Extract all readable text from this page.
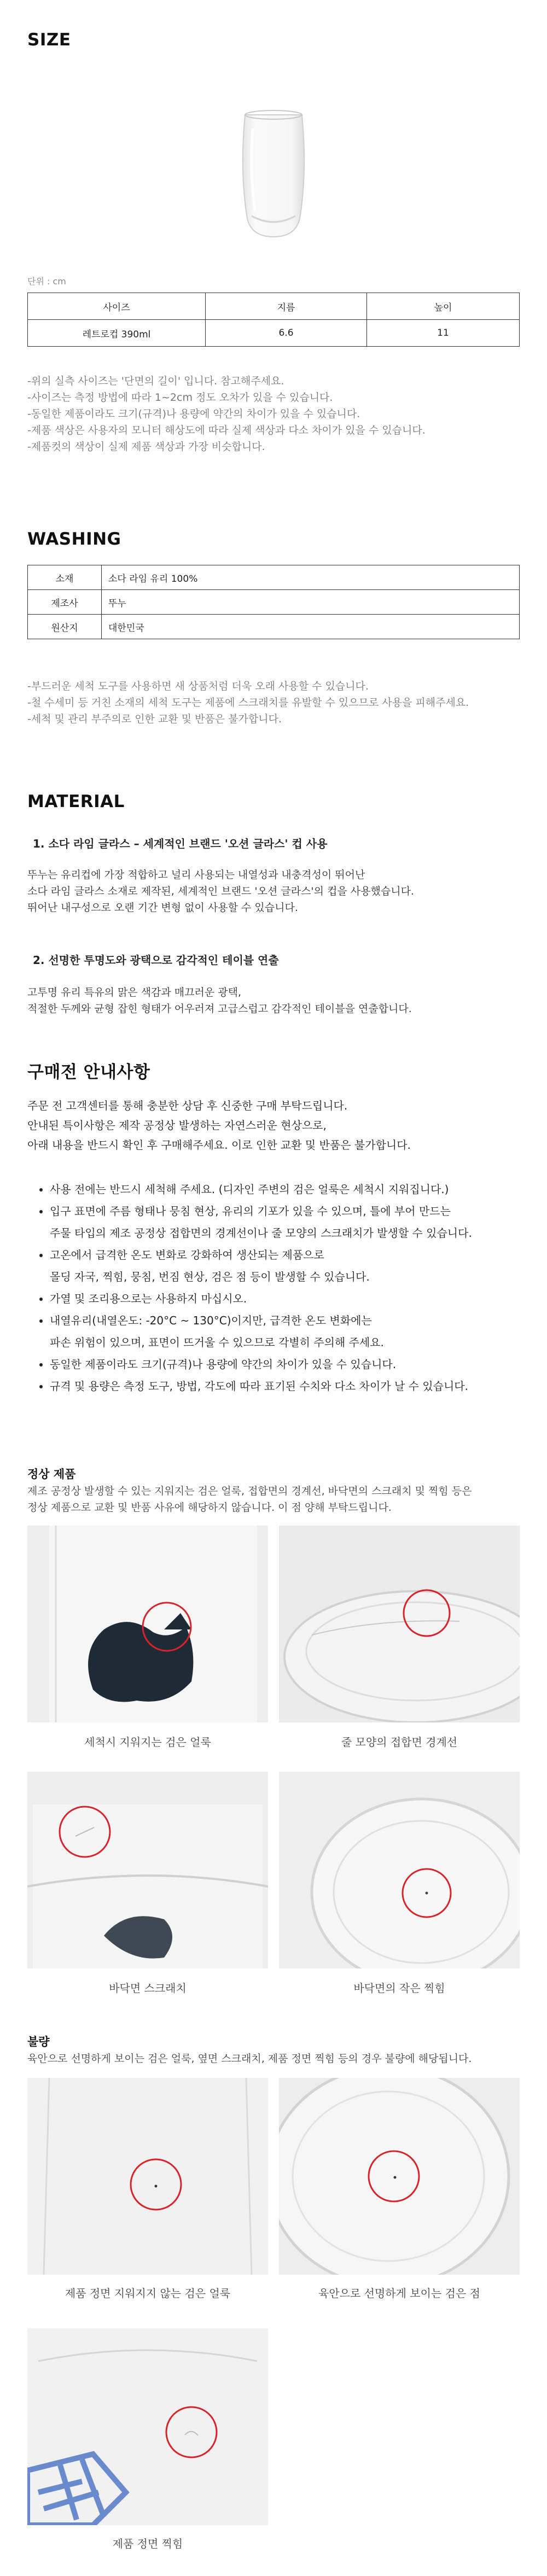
SIZE
단위 : cm
사이즈	지름	높이
레트로컵 390ml	6.6	11
-위의 실측 사이즈는 '단면의 길이' 입니다. 참고해주세요.
-사이즈는 측정 방법에 따라 1~2cm 정도 오차가 있을 수 있습니다.
-동일한 제품이라도 크기(규격)나 용량에 약간의 차이가 있을 수 있습니다.
-제품 색상은 사용자의 모니터 해상도에 따라 실제 색상과 다소 차이가 있을 수 있습니다.
-제품컷의 색상이 실제 제품 색상과 가장 비슷합니다.
WASHING
소재	소다 라임 유리 100%
제조사	뚜누
원산지	대한민국
-부드러운 세척 도구를 사용하면 새 상품처럼 더욱 오래 사용할 수 있습니다.
-철 수세미 등 거친 소재의 세척 도구는 제품에 스크래치를 유발할 수 있으므로 사용을 피해주세요.
-세척 및 관리 부주의로 인한 교환 및 반품은 불가합니다.
MATERIAL
1. 소다 라임 글라스 – 세계적인 브랜드 '오션 글라스' 컵 사용
뚜누는 유리컵에 가장 적합하고 널리 사용되는 내열성과 내충격성이 뛰어난
소다 라임 글라스 소재로 제작된, 세계적인 브랜드 '오션 글라스'의 컵을 사용했습니다.
뛰어난 내구성으로 오랜 기간 변형 없이 사용할 수 있습니다.
2. 선명한 투명도와 광택으로 감각적인 테이블 연출
고투명 유리 특유의 맑은 색감과 매끄러운 광택,
적절한 두께와 균형 잡힌 형태가 어우러져 고급스럽고 감각적인 테이블을 연출합니다.
구매전 안내사항
주문 전 고객센터를 통해 충분한 상담 후 신중한 구매 부탁드립니다.
안내된 특이사항은 제작 공정상 발생하는 자연스러운 현상으로,
아래 내용을 반드시 확인 후 구매해주세요. 이로 인한 교환 및 반품은 불가합니다.
• 사용 전에는 반드시 세척해 주세요. (디자인 주변의 검은 얼룩은 세척시 지워집니다.)
• 입구 표면에 주름 형태나 뭉침 현상, 유리의 기포가 있을 수 있으며, 틀에 부어 만드는
주물 타입의 제조 공정상 접합면의 경계선이나 줄 모양의 스크래치가 발생할 수 있습니다.
• 고온에서 급격한 온도 변화로 강화하여 생산되는 제품으로
몰딩 자국, 찍힘, 뭉침, 번짐 현상, 검은 점 등이 발생할 수 있습니다.
• 가열 및 조리용으로는 사용하지 마십시오.
• 내열유리(내열온도: -20°C ~ 130°C)이지만, 급격한 온도 변화에는
파손 위험이 있으며, 표면이 뜨거울 수 있으므로 각별히 주의해 주세요.
• 동일한 제품이라도 크기(규격)나 용량에 약간의 차이가 있을 수 있습니다.
• 규격 및 용량은 측정 도구, 방법, 각도에 따라 표기된 수치와 다소 차이가 날 수 있습니다.
정상 제품
제조 공정상 발생할 수 있는 지워지는 검은 얼룩, 접합면의 경계선, 바닥면의 스크래치 및 찍힘 등은
정상 제품으로 교환 및 반품 사유에 해당하지 않습니다. 이 점 양해 부탁드립니다.
세척시 지워지는 검은 얼룩	줄 모양의 접합면 경계선
바닥면 스크래치	바닥면의 작은 찍힘
불량
육안으로 선명하게 보이는 검은 얼룩, 옆면 스크래치, 제품 정면 찍힘 등의 경우 불량에 해당됩니다.
제품 정면 지워지지 않는 검은 얼룩	육안으로 선명하게 보이는 검은 점
제품 정면 찍힘
